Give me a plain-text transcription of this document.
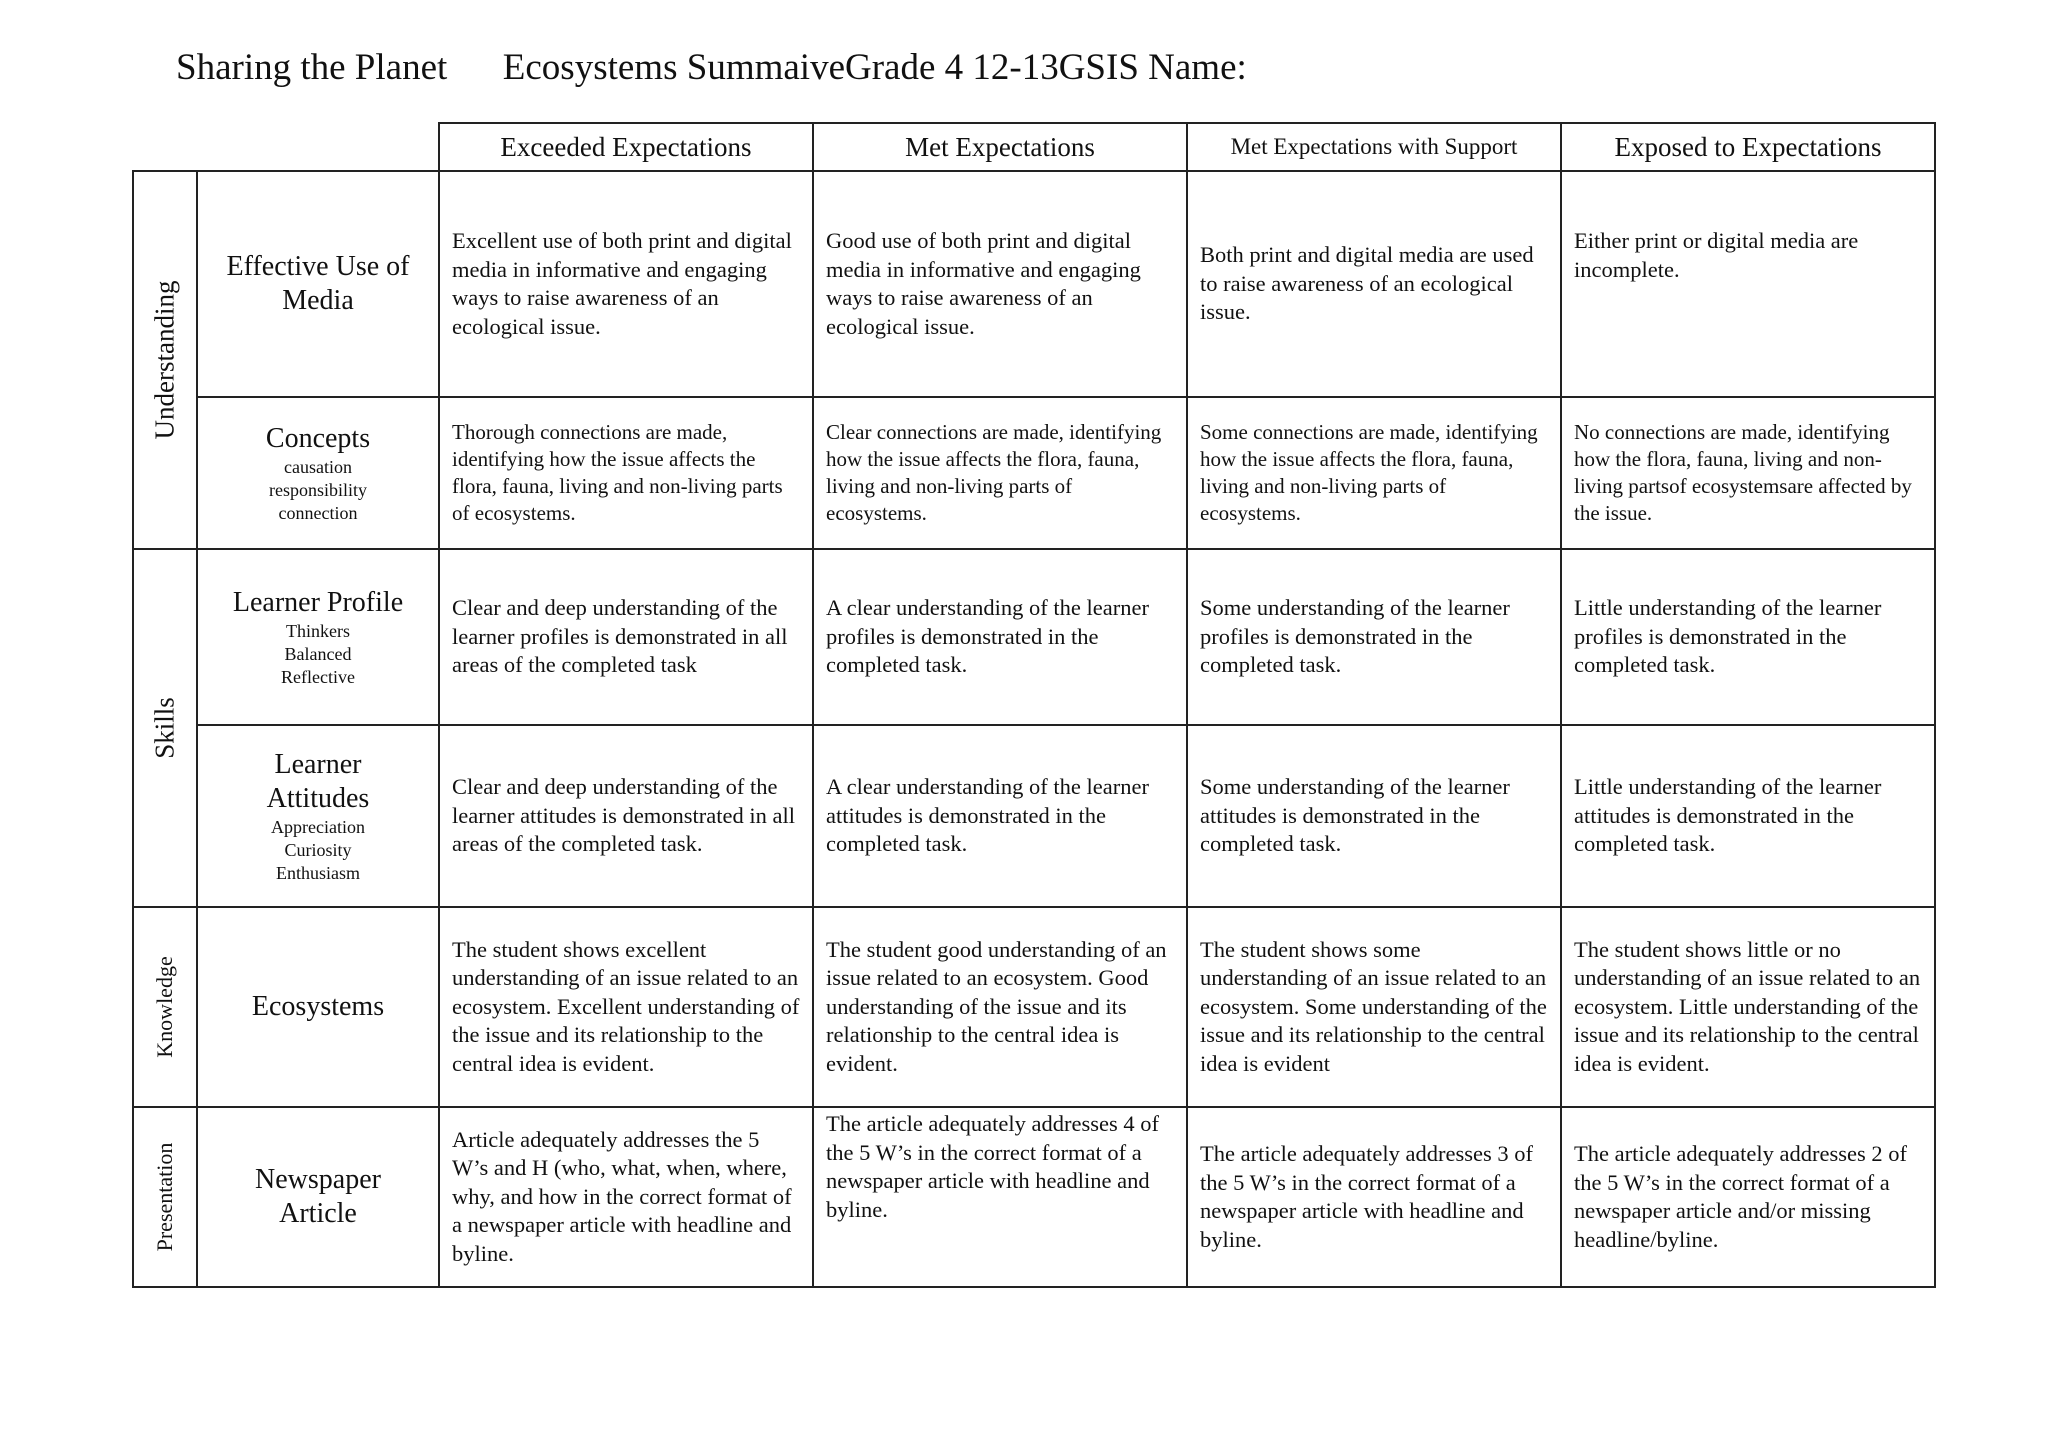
Sharing the Planet      Ecosystems SummaiveGrade 4 12-13GSIS Name:
		Exceeded Expectations	Met Expectations	Met Expectations with Support	Exposed to Expectations

Understanding	Effective Use of Media	Excellent use of both print and digital media in informative and engaging ways to raise awareness of an ecological issue.	Good use of both print and digital media in informative and engaging ways to raise awareness of an ecological issue.	Both print and digital media are used to raise awareness of an ecological issue.	Either print or digital media are incomplete.

	Concepts
causation
responsibility
connection	Thorough connections are made, identifying how the issue affects the flora, fauna, living and non-living parts of ecosystems.	Clear connections are made, identifying how the issue affects the flora, fauna, living and non-living parts of ecosystems.	Some connections are made, identifying how the issue affects the flora, fauna, living and non-living parts of ecosystems.	No connections are made, identifying how the flora, fauna, living and non-living partsof ecosystemsare affected by the issue.

Skills	Learner Profile
Thinkers
Balanced
Reflective	Clear and deep understanding of the learner profiles is demonstrated in all areas of the completed task	A clear understanding of the learner profiles is demonstrated in the completed task.	Some understanding of the learner profiles is demonstrated in the completed task.	Little understanding of the learner profiles is demonstrated in the completed task.

	Learner Attitudes
Appreciation
Curiosity
Enthusiasm	Clear and deep understanding of the learner attitudes is demonstrated in all areas of the completed task.	A clear understanding of the learner attitudes is demonstrated in the completed task.	Some understanding of the learner attitudes is demonstrated in the completed task.	Little understanding of the learner attitudes is demonstrated in the completed task.

Knowledge	Ecosystems	The student shows excellent understanding of an issue related to an ecosystem. Excellent understanding of the issue and its relationship to the central idea is evident.	The student good understanding of an issue related to an ecosystem. Good understanding of the issue and its relationship to the central idea is evident.	The student shows some understanding of an issue related to an ecosystem. Some understanding of the issue and its relationship to the central idea is evident	The student shows little or no understanding of an issue related to an ecosystem. Little understanding of the issue and its relationship to the central idea is evident.

Presentation	Newspaper Article	Article adequately addresses the 5 W’s and H (who, what, when, where, why, and how in the correct format of a newspaper article with headline and byline.	The article adequately addresses 4 of the 5 W’s in the correct format of a newspaper article with headline and byline.	The article adequately addresses 3 of the 5 W’s in the correct format of a newspaper article with headline and byline.	The article adequately addresses 2 of the 5 W’s in the correct format of a newspaper article and/or missing headline/byline.
